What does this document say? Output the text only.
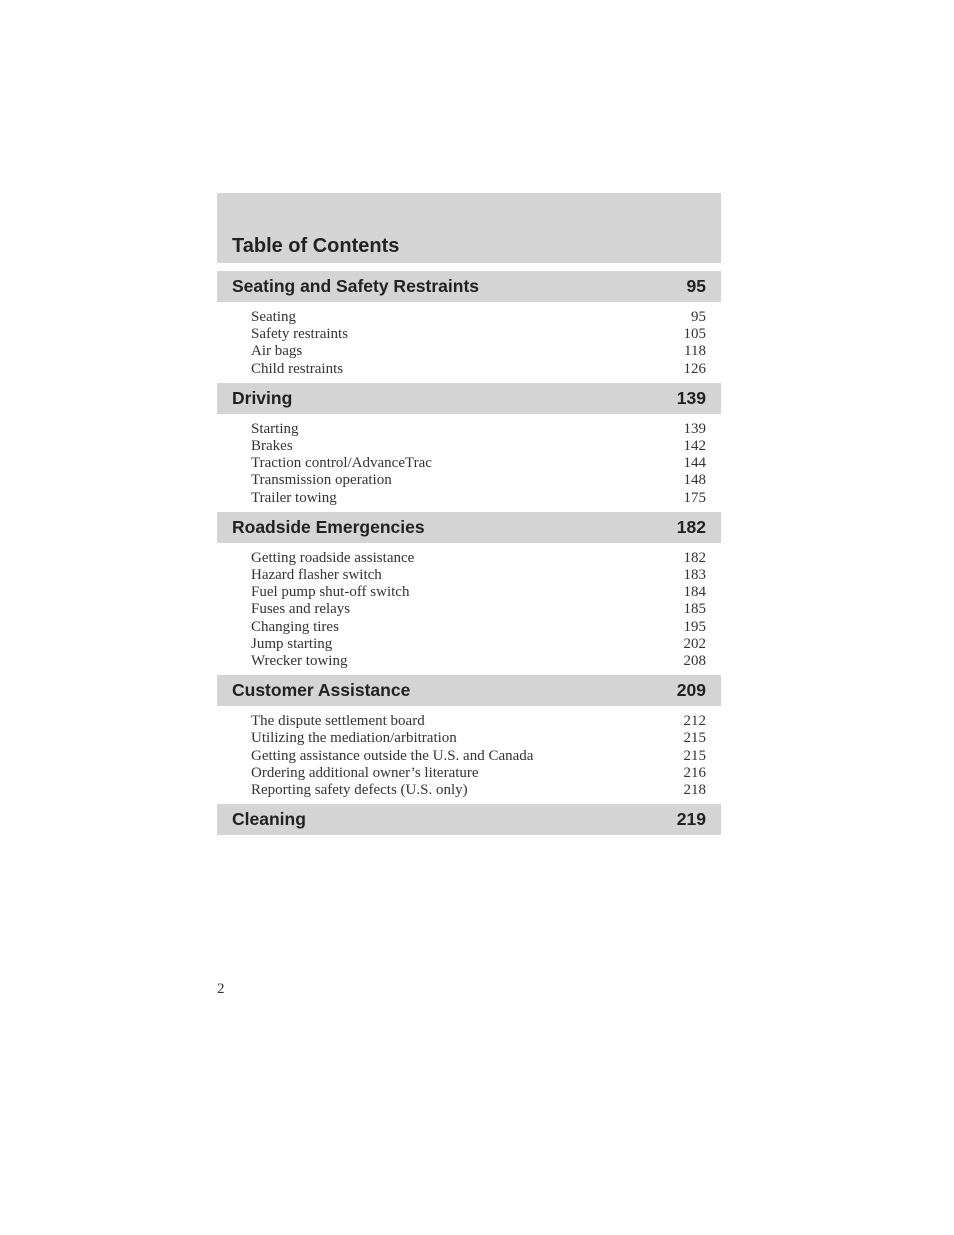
Table of Contents
Seating and Safety Restraints	95
Seating	95
Safety restraints	105
Air bags	118
Child restraints	126
Driving	139
Starting	139
Brakes	142
Traction control/AdvanceTrac	144
Transmission operation	148
Trailer towing	175
Roadside Emergencies	182
Getting roadside assistance	182
Hazard flasher switch	183
Fuel pump shut-off switch	184
Fuses and relays	185
Changing tires	195
Jump starting	202
Wrecker towing	208
Customer Assistance	209
The dispute settlement board	212
Utilizing the mediation/arbitration	215
Getting assistance outside the U.S. and Canada	215
Ordering additional owner’s literature	216
Reporting safety defects (U.S. only)	218
Cleaning	219
2
